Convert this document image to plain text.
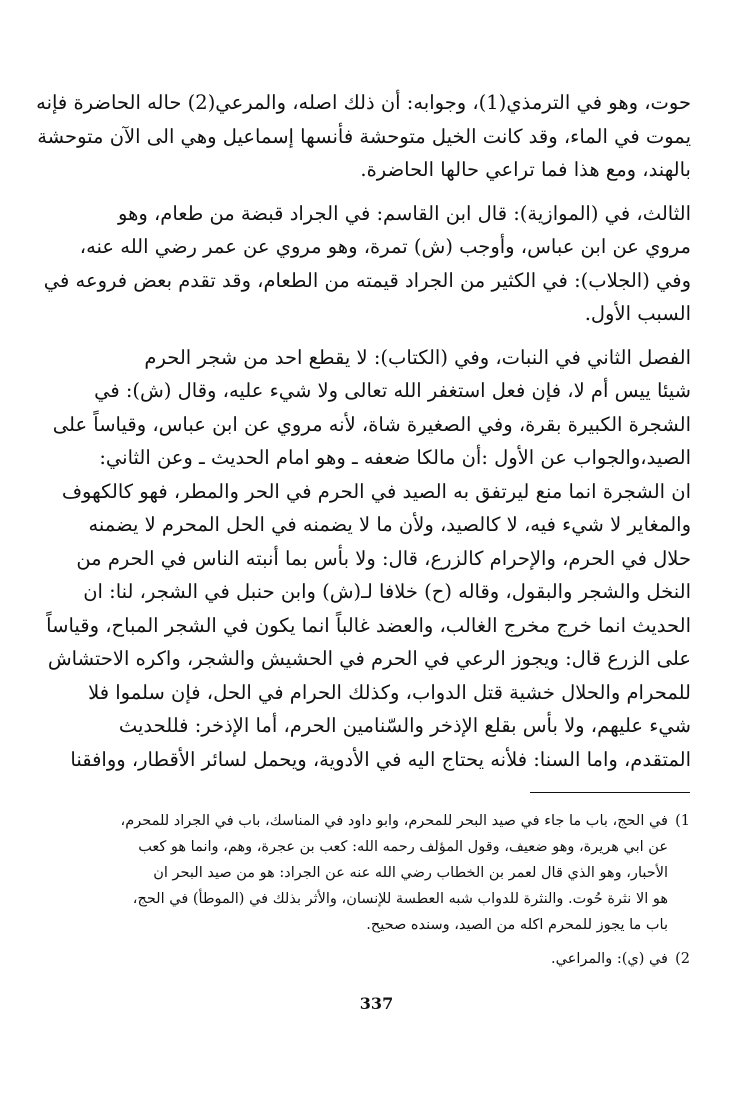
حوت، وهو في الترمذي(1)، وجوابه: أن ذلك اصله، والمرعي(2) حاله الحاضرة فإنه
يموت في الماء، وقد كانت الخيل متوحشة فأنسها إسماعيل وهي الى الآن متوحشة
بالهند، ومع هذا فما تراعي حالها الحاضرة.

الثالث، في (الموازية): قال ابن القاسم: في الجراد قبضة من طعام، وهو
مروي عن ابن عباس، وأوجب (ش) تمرة، وهو مروي عن عمر رضي الله عنه،
وفي (الجلاب): في الكثير من الجراد قيمته من الطعام، وقد تقدم بعض فروعه في
السبب الأول.

الفصل الثاني في النبات، وفي (الكتاب): لا يقطع احد من شجر الحرم
شيئا ييس أم لا، فإن فعل استغفر الله تعالى ولا شيء عليه، وقال (ش): في
الشجرة الكبيرة بقرة، وفي الصغيرة شاة، لأنه مروي عن ابن عباس، وقياساً على
الصيد،والجواب عن الأول :أن مالكا ضعفه ـ وهو امام الحديث ـ وعن الثاني:
ان الشجرة انما منع ليرتفق به الصيد في الحرم في الحر والمطر، فهو كالكهوف
والمغاير لا شيء فيه، لا كالصيد، ولأن ما لا يضمنه في الحل المحرم لا يضمنه
حلال في الحرم، والإحرام كالزرع، قال: ولا بأس بما أنبته الناس في الحرم من
النخل والشجر والبقول، وقاله (ح) خلافا لـ(ش) وابن حنبل في الشجر، لنا: ان
الحديث انما خرج مخرج الغالب، والعضد غالباً انما يكون في الشجر المباح، وقياساً
على الزرع قال: ويجوز الرعي في الحرم في الحشيش والشجر، واكره الاحتشاش
للمحرام والحلال خشية قتل الدواب، وكذلك الحرام في الحل، فإن سلموا فلا
شيء عليهم، ولا بأس بقلع الإذخر والسّنامين الحرم، أما الإذخر: فللحديث
المتقدم، واما السنا: فلأنه يحتاج اليه في الأدوية، ويحمل لسائر الأقطار، ووافقنا

1)
في الحج، باب ما جاء في صيد البحر للمحرم، وابو داود في المناسك، باب في الجراد للمحرم،
عن ابي هريرة، وهو ضعيف، وقول المؤلف رحمه الله: كعب بن عجرة، وهم، وانما هو كعب
الأحبار، وهو الذي قال لعمر بن الخطاب رضي الله عنه عن الجراد: هو من صيد البحر ان
هو الا نثرة حُوت. والنثرة للدواب شبه العطسة للإنسان، والأثر بذلك في (الموطأ) في الحج،
باب ما يجوز للمحرم اكله من الصيد، وسنده صحيح.
2)
في (ي): والمراعي.
337
